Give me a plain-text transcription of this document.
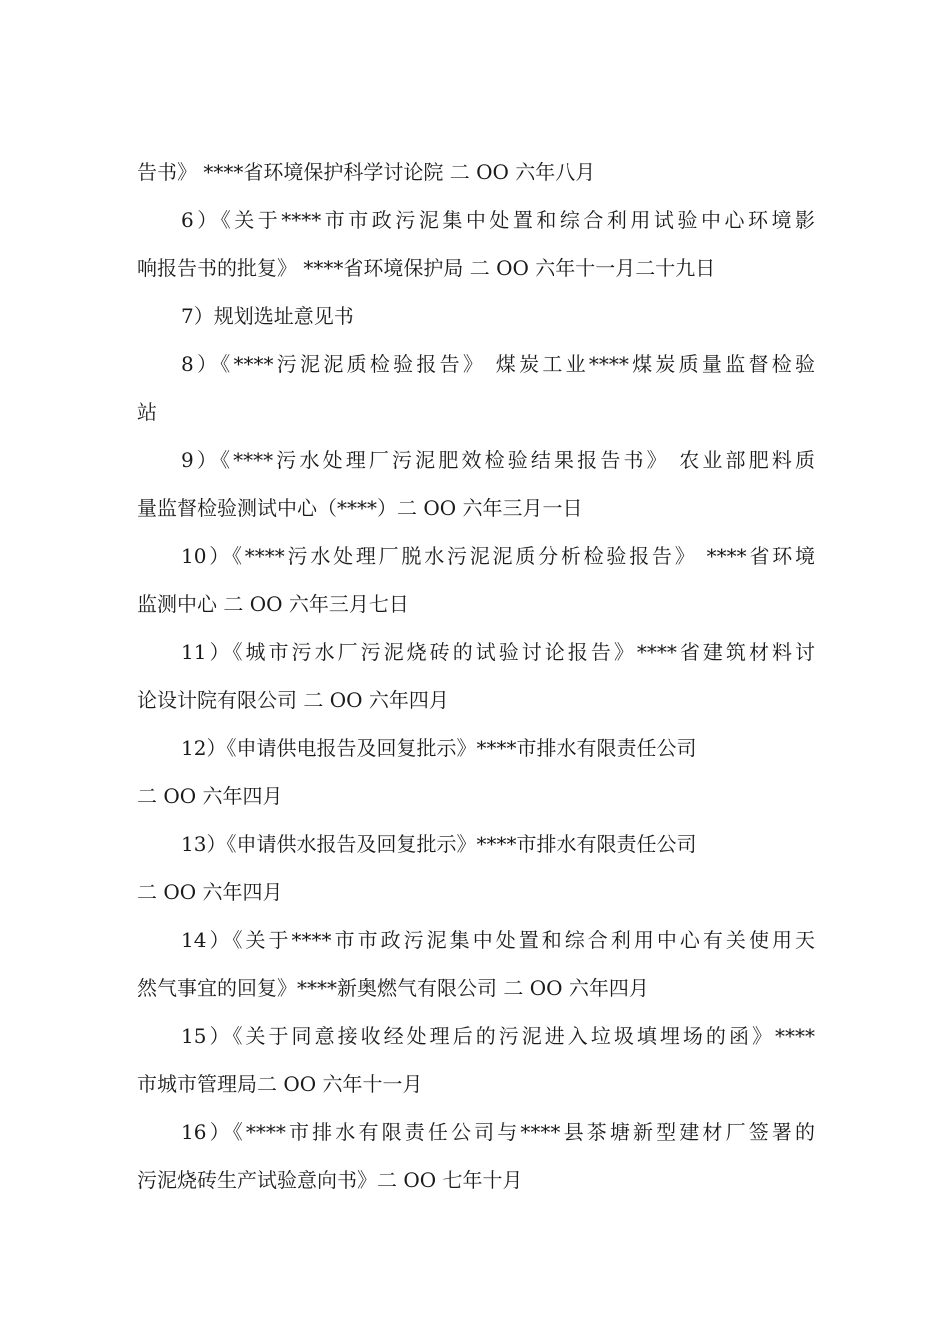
告书》 ****省环境保护科学讨论院 二 OO 六年八月
6）《关于****市市政污泥集中处置和综合利用试验中心环境影
响报告书的批复》 ****省环境保护局 二 OO 六年十一月二十九日
7）规划选址意见书
8）《****污泥泥质检验报告》 煤炭工业****煤炭质量监督检验
站
9）《****污水处理厂污泥肥效检验结果报告书》 农业部肥料质
量监督检验测试中心（****）二 OO 六年三月一日
10）《****污水处理厂脱水污泥泥质分析检验报告》 ****省环境
监测中心 二 OO 六年三月七日
11）《城市污水厂污泥烧砖的试验讨论报告》****省建筑材料讨
论设计院有限公司 二 OO 六年四月
12）《申请供电报告及回复批示》****市排水有限责任公司
二 OO 六年四月
13）《申请供水报告及回复批示》****市排水有限责任公司
二 OO 六年四月
14）《关于****市市政污泥集中处置和综合利用中心有关使用天
然气事宜的回复》****新奥燃气有限公司 二 OO 六年四月
15）《关于同意接收经处理后的污泥进入垃圾填埋场的函》****
市城市管理局二 OO 六年十一月
16）《****市排水有限责任公司与****县茶塘新型建材厂签署的
污泥烧砖生产试验意向书》二 OO 七年十月
